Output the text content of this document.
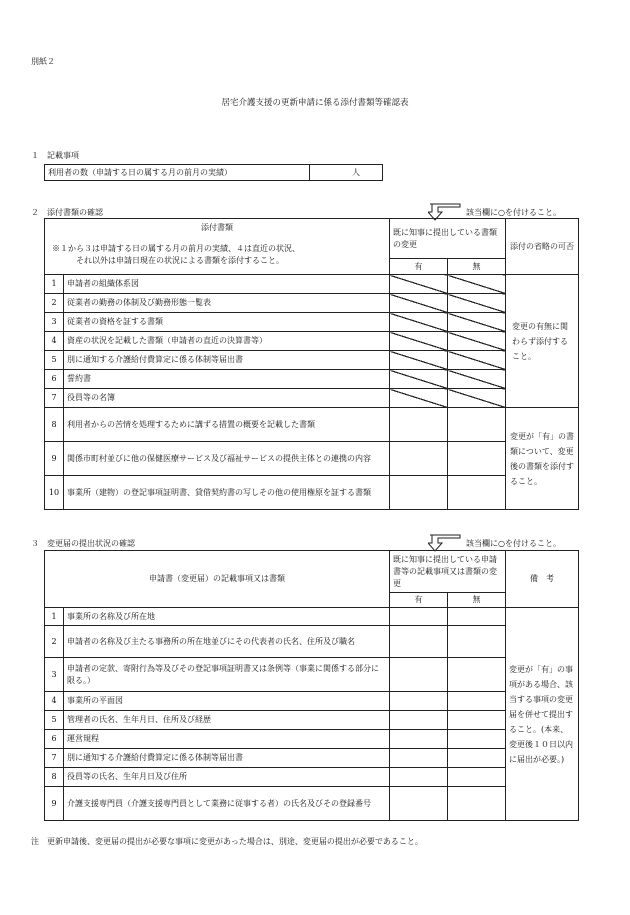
別紙２
居宅介護支援の更新申請に係る添付書類等確認表
１　記載事項
利用者の数（申請する日の属する月の前月の実績）	人
２　添付書類の確認	該当欄に○を付けること。
添付書類
※１から３は申請する日の属する月の前月の実績、４は直近の状況、
それ以外は申請日現在の状況による書類を添付すること。		既に知事に提出している書類の変更		添付の省略の可否
		有	無	
1	申請者の組織体系図			変更の有無に関わらず添付すること。
2	従業者の勤務の体制及び勤務形態一覧表			
3	従業者の資格を証する書類			
4	資産の状況を記載した書類（申請者の直近の決算書等）			
5	別に通知する介護給付費算定に係る体制等届出書			
6	誓約書			
7	役員等の名簿			
8	利用者からの苦情を処理するために講ずる措置の概要を記載した書類			変更が「有」の書類について、変更後の書類を添付すること。
9	関係市町村並びに他の保健医療サービス及び福祉サービスの提供主体との連携の内容			
10	事業所（建物）の登記事項証明書、貸借契約書の写しその他の使用権原を証する書類			
３　変更届の提出状況の確認	該当欄に○を付けること。
申請書（変更届）の記載事項又は書類		既に知事に提出している申請書等の記載事項又は書類の変更		備　考
		有	無	
1	事業所の名称及び所在地			変更が「有」の事項がある場合、該当する事項の変更届を併せて提出すること。(本来、　変更後１０日以内に届出が必要。)
2	申請者の名称及び主たる事務所の所在地並びにその代表者の氏名、住所及び職名			
3	申請者の定款、寄附行為等及びその登記事項証明書又は条例等（事業に関係する部分に限る。）			
4	事業所の平面図			
5	管理者の氏名、生年月日、住所及び経歴			
6	運営規程			
7	別に通知する介護給付費算定に係る体制等届出書			
8	役員等の氏名、生年月日及び住所			
9	介護支援専門員（介護支援専門員として業務に従事する者）の氏名及びその登録番号			
注　更新申請後、変更届の提出が必要な事項に変更があった場合は、別途、変更届の提出が必要であること。
